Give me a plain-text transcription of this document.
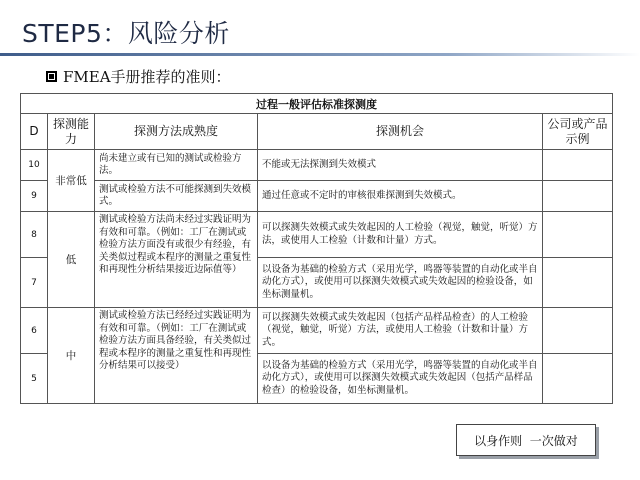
STEP5：风险分析
FMEA手册推荐的准则：
过程一般评估标准探测度				
D	探测能力	探测方法成熟度	探测机会	公司或产品示例
10	非常低	尚未建立或有已知的测试或检验方法。	不能或无法探测到失效模式	
9		测试或检验方法不可能探测到失效模式。	通过任意或不定时的审核很难探测到失效模式。	
8	低	测试或检验方法尚未经过实践证明为有效和可靠。（例如：工厂在测试或检验方法方面没有或很少有经验，有关类似过程或本程序的测量之重复性和再现性分析结果接近边际值等）	可以探测失效模式或失效起因的人工检验（视觉，触觉，听觉）方法，或使用人工检验（计数和计量）方式。	
7			以设备为基础的检验方式（采用光学，鸣器等装置的自动化或半自动化方式），或使用可以探测失效模式或失效起因的检验设备，如坐标测量机。	
6	中	测试或检验方法已经经过实践证明为有效和可靠。（例如：工厂在测试或检验方法方面具备经验，有关类似过程或本程序的测量之重复性和再现性分析结果可以接受）	可以探测失效模式或失效起因（包括产品样品检查）的人工检验（视觉，触觉，听觉）方法，或使用人工检验（计数和计量）方式。	
5			以设备为基础的检验方式（采用光学，鸣器等装置的自动化或半自动化方式），或使用可以探测失效模式或失效起因（包括产品样品检查）的检验设备，如坐标测量机。	
以身作则  一次做对
